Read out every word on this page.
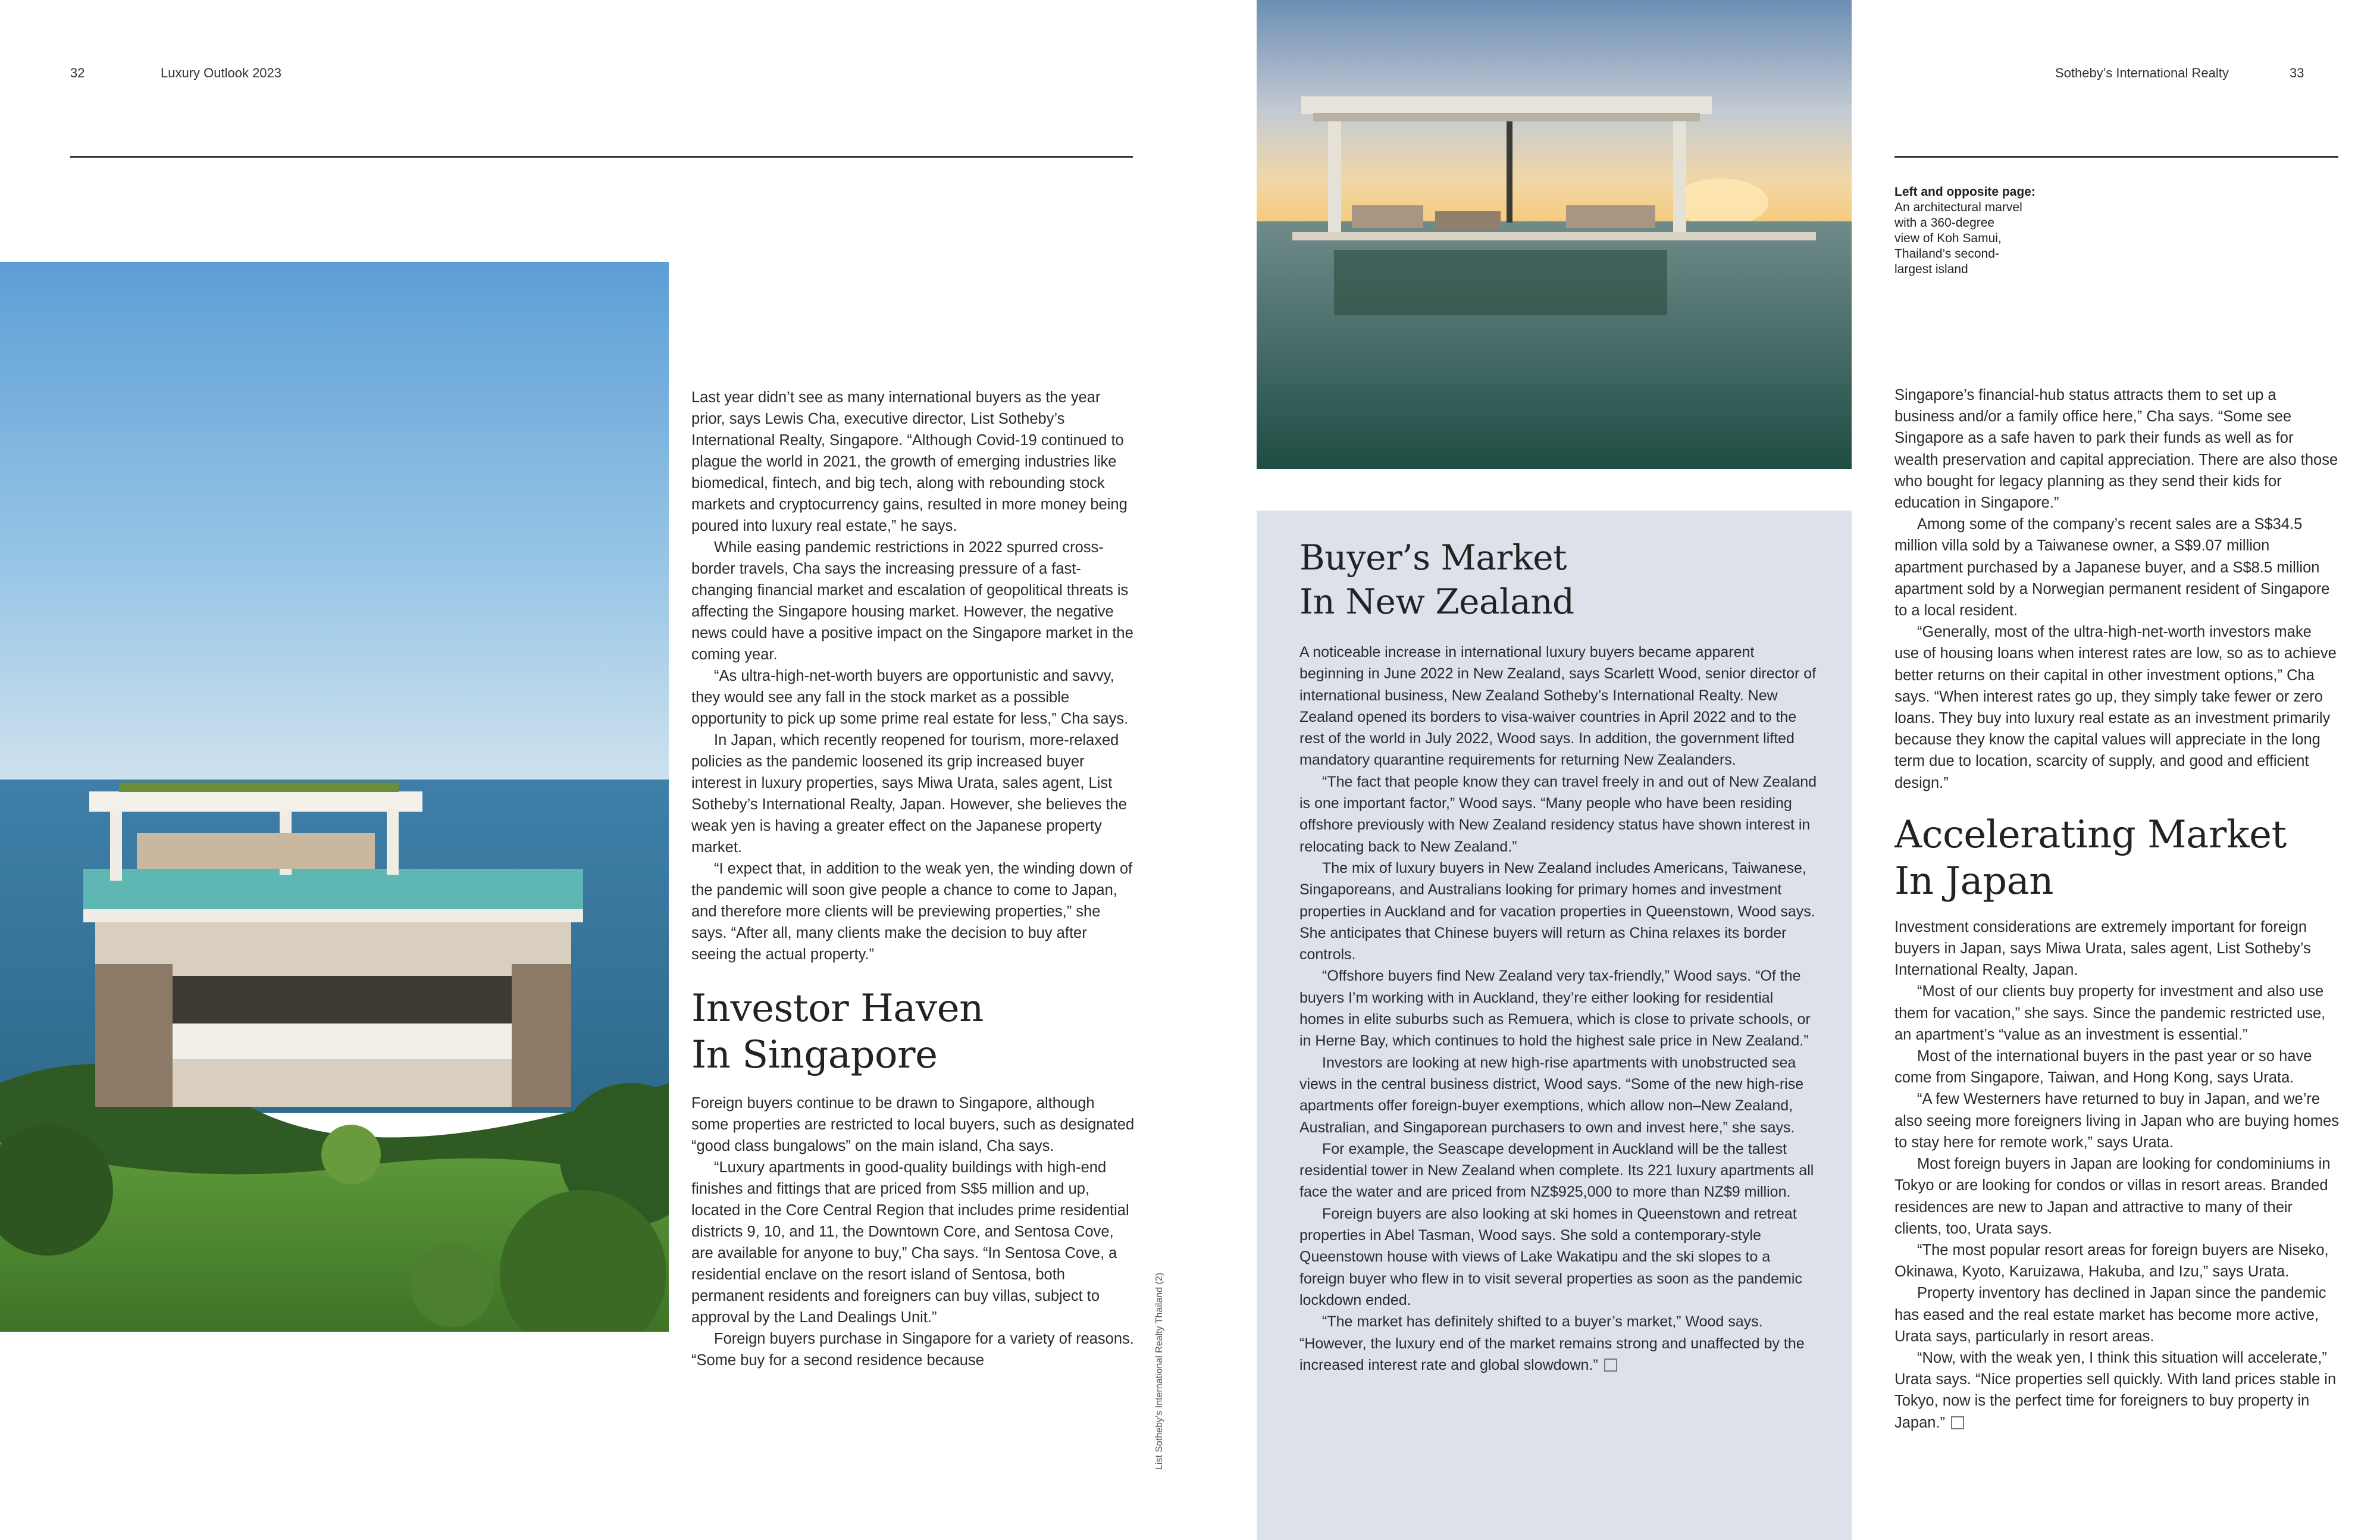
32	Luxury Outlook 2023

Last year didn’t see as many international buyers as the year prior, says Lewis Cha, executive director, List Sotheby’s International Realty, Singapore. “Although Covid-19 continued to plague the world in 2021, the growth of emerging industries like biomedical, fintech, and big tech, along with rebounding stock markets and cryptocurrency gains, resulted in more money being poured into luxury real estate,” he says.

While easing pandemic restrictions in 2022 spurred cross-border travels, Cha says the increasing pressure of a fast-changing financial market and escalation of geopolitical threats is affecting the Singapore housing market. However, the negative news could have a positive impact on the Singapore market in the coming year.

“As ultra-high-net-worth buyers are opportunistic and savvy, they would see any fall in the stock market as a possible opportunity to pick up some prime real estate for less,” Cha says.

In Japan, which recently reopened for tourism, more-relaxed policies as the pandemic loosened its grip increased buyer interest in luxury properties, says Miwa Urata, sales agent, List Sotheby’s International Realty, Japan. However, she believes the weak yen is having a greater effect on the Japanese property market.

“I expect that, in addition to the weak yen, the winding down of the pandemic will soon give people a chance to come to Japan, and therefore more clients will be previewing properties,” she says. “After all, many clients make the decision to buy after seeing the actual property.”

Investor Haven
In Singapore

Foreign buyers continue to be drawn to Singapore, although some properties are restricted to local buyers, such as designated “good class bungalows” on the main island, Cha says.

“Luxury apartments in good-quality buildings with high-end finishes and fittings that are priced from S$5 million and up, located in the Core Central Region that includes prime residential districts 9, 10, and 11, the Downtown Core, and Sentosa Cove, are available for anyone to buy,” Cha says. “In Sentosa Cove, a residential enclave on the resort island of Sentosa, both permanent residents and foreigners can buy villas, subject to approval by the Land Dealings Unit.”

Foreign buyers purchase in Singapore for a variety of reasons. “Some buy for a second residence because	List Sotheby’s International Realty Thailand (2)
Sotheby’s International Realty	33
Left and opposite page:
An architectural marvel
with a 360-degree
view of Koh Samui,
Thailand’s second-
largest island
Buyer’s Market
In New Zealand

A noticeable increase in international luxury buyers became apparent beginning in June 2022 in New Zealand, says Scarlett Wood, senior director of international business, New Zealand Sotheby’s International Realty. New Zealand opened its borders to visa-waiver countries in April 2022 and to the rest of the world in July 2022, Wood says. In addition, the government lifted mandatory quarantine requirements for returning New Zealanders.

“The fact that people know they can travel freely in and out of New Zealand is one important factor,” Wood says. “Many people who have been residing offshore previously with New Zealand residency status have shown interest in relocating back to New Zealand.”

The mix of luxury buyers in New Zealand includes Americans, Taiwanese, Singaporeans, and Australians looking for primary homes and investment properties in Auckland and for vacation properties in Queenstown, Wood says. She anticipates that Chinese buyers will return as China relaxes its border controls.

“Offshore buyers find New Zealand very tax-friendly,” Wood says. “Of the buyers I’m working with in Auckland, they’re either looking for residential homes in elite suburbs such as Remuera, which is close to private schools, or in Herne Bay, which continues to hold the highest sale price in New Zealand.”

Investors are looking at new high-rise apartments with unobstructed sea views in the central business district, Wood says. “Some of the new high-rise apartments offer foreign-buyer exemptions, which allow non–New Zealand, Australian, and Singaporean purchasers to own and invest here,” she says.

For example, the Seascape development in Auckland will be the tallest residential tower in New Zealand when complete. Its 221 luxury apartments all face the water and are priced from NZ$925,000 to more than NZ$9 million.

Foreign buyers are also looking at ski homes in Queenstown and retreat properties in Abel Tasman, Wood says. She sold a contemporary-style Queenstown house with views of Lake Wakatipu and the ski slopes to a foreign buyer who flew in to visit several properties as soon as the pandemic lockdown ended.

“The market has definitely shifted to a buyer’s market,” Wood says. “However, the luxury end of the market remains strong and unaffected by the increased interest rate and global slowdown.”

Singapore’s financial-hub status attracts them to set up a business and/or a family office here,” Cha says. “Some see Singapore as a safe haven to park their funds as well as for wealth preservation and capital appreciation. There are also those who bought for legacy planning as they send their kids for education in Singapore.”

Among some of the company’s recent sales are a S$34.5 million villa sold by a Taiwanese owner, a S$9.07 million apartment purchased by a Japanese buyer, and a S$8.5 million apartment sold by a Norwegian permanent resident of Singapore to a local resident.

“Generally, most of the ultra-high-net-worth investors make use of housing loans when interest rates are low, so as to achieve better returns on their capital in other investment options,” Cha says. “When interest rates go up, they simply take fewer or zero loans. They buy into luxury real estate as an investment primarily because they know the capital values will appreciate in the long term due to location, scarcity of supply, and good and efficient design.”

Accelerating Market
In Japan

Investment considerations are extremely important for foreign buyers in Japan, says Miwa Urata, sales agent, List Sotheby’s International Realty, Japan.

“Most of our clients buy property for investment and also use them for vacation,” she says. Since the pandemic restricted use, an apartment’s “value as an investment is essential.”

Most of the international buyers in the past year or so have come from Singapore, Taiwan, and Hong Kong, says Urata.

“A few Westerners have returned to buy in Japan, and we’re also seeing more foreigners living in Japan who are buying homes to stay here for remote work,” says Urata.

Most foreign buyers in Japan are looking for condominiums in Tokyo or are looking for condos or villas in resort areas. Branded residences are new to Japan and attractive to many of their clients, too, Urata says.

“The most popular resort areas for foreign buyers are Niseko, Okinawa, Kyoto, Karuizawa, Hakuba, and Izu,” says Urata.

Property inventory has declined in Japan since the pandemic has eased and the real estate market has become more active, Urata says, particularly in resort areas.

“Now, with the weak yen, I think this situation will accelerate,” Urata says. “Nice properties sell quickly. With land prices stable in Tokyo, now is the perfect time for foreigners to buy property in Japan.”
